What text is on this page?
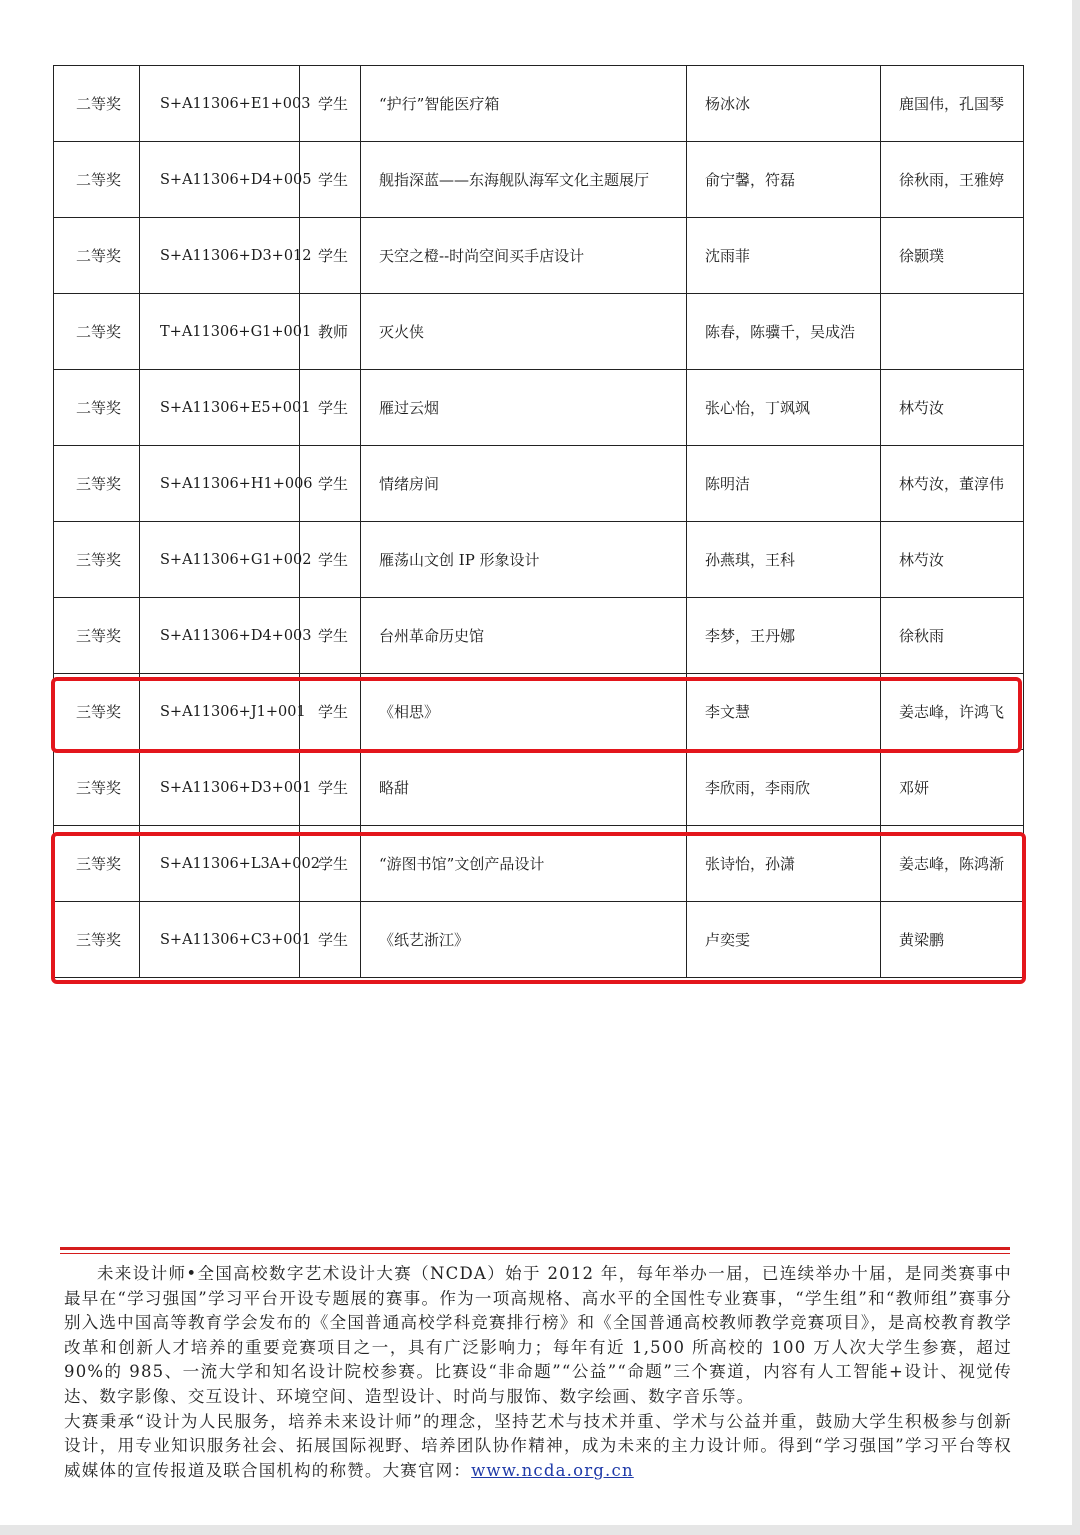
二等奖	S+A11306+E1+003	学生	“护行”智能医疗箱	杨冰冰	鹿国伟，孔国琴
二等奖	S+A11306+D4+005	学生	舰指深蓝——东海舰队海军文化主题展厅	俞宁馨，符磊	徐秋雨，王雅婷
二等奖	S+A11306+D3+012	学生	天空之橙--时尚空间买手店设计	沈雨菲	徐颢璞
二等奖	T+A11306+G1+001	教师	灭火侠	陈春，陈骥千，吴成浩	
二等奖	S+A11306+E5+001	学生	雁过云烟	张心怡，丁飒飒	林芍汝
三等奖	S+A11306+H1+006	学生	情绪房间	陈明洁	林芍汝，董淳伟
三等奖	S+A11306+G1+002	学生	雁荡山文创 IP 形象设计	孙燕琪，王科	林芍汝
三等奖	S+A11306+D4+003	学生	台州革命历史馆	李梦，王丹娜	徐秋雨
三等奖	S+A11306+J1+001	学生	《相思》	李文慧	姜志峰，许鸿飞
三等奖	S+A11306+D3+001	学生	略甜	李欣雨，李雨欣	邓妍
三等奖	S+A11306+L3A+002	学生	“游图书馆”文创产品设计	张诗怡，孙潇	姜志峰，陈鸿渐
三等奖	S+A11306+C3+001	学生	《纸艺浙江》	卢奕雯	黄梁鹏

未来设计师•全国高校数字艺术设计大赛（NCDA）始于 2012 年，每年举办一届，已连续举办十届，是同类赛事中最早在“学习强国”学习平台开设专题展的赛事。作为一项高规格、高水平的全国性专业赛事，“学生组”和“教师组”赛事分别入选中国高等教育学会发布的《全国普通高校学科竞赛排行榜》和《全国普通高校教师教学竞赛项目》，是高校教育教学改革和创新人才培养的重要竞赛项目之一，具有广泛影响力；每年有近 1,500 所高校的 100 万人次大学生参赛，超过 90%的 985、一流大学和知名设计院校参赛。比赛设“非命题”“公益”“命题”三个赛道，内容有人工智能+设计、视觉传达、数字影像、交互设计、环境空间、造型设计、时尚与服饰、数字绘画、数字音乐等。

大赛秉承“设计为人民服务，培养未来设计师”的理念，坚持艺术与技术并重、学术与公益并重，鼓励大学生积极参与创新设计，用专业知识服务社会、拓展国际视野、培养团队协作精神，成为未来的主力设计师。得到“学习强国”学习平台等权威媒体的宣传报道及联合国机构的称赞。大赛官网：www.ncda.org.cn
